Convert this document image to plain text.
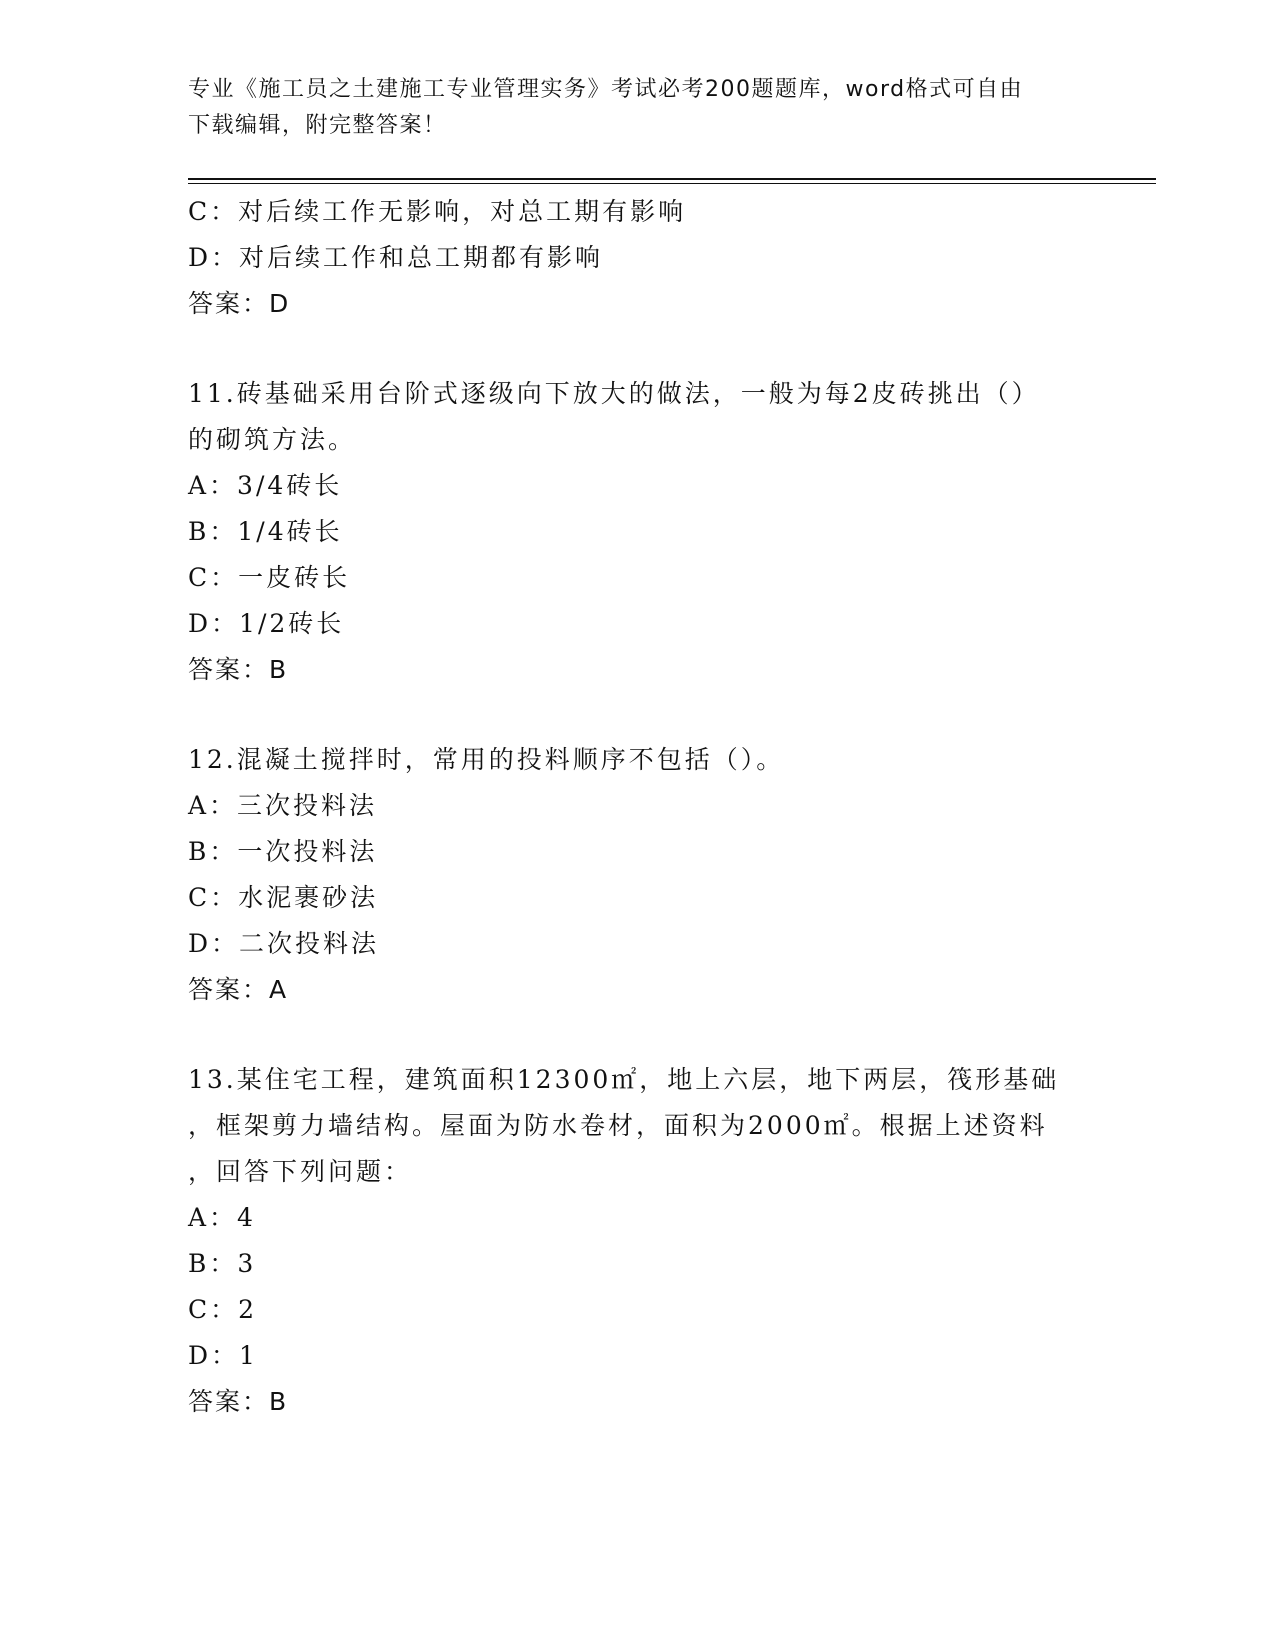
专业《施工员之土建施工专业管理实务》考试必考200题题库，word格式可自由
下载编辑，附完整答案！
C：对后续工作无影响，对总工期有影响
D：对后续工作和总工期都有影响
答案：D
11.砖基础采用台阶式逐级向下放大的做法，一般为每2皮砖挑出（）
的砌筑方法。
A：3/4砖长
B：1/4砖长
C：一皮砖长
D：1/2砖长
答案：B
12.混凝土搅拌时，常用的投料顺序不包括（）。
A：三次投料法
B：一次投料法
C：水泥裹砂法
D：二次投料法
答案：A
13.某住宅工程，建筑面积12300㎡，地上六层，地下两层，筏形基础
，框架剪力墙结构。屋面为防水卷材，面积为2000㎡。根据上述资料
，回答下列问题：
A：4
B：3
C：2
D：1
答案：B
